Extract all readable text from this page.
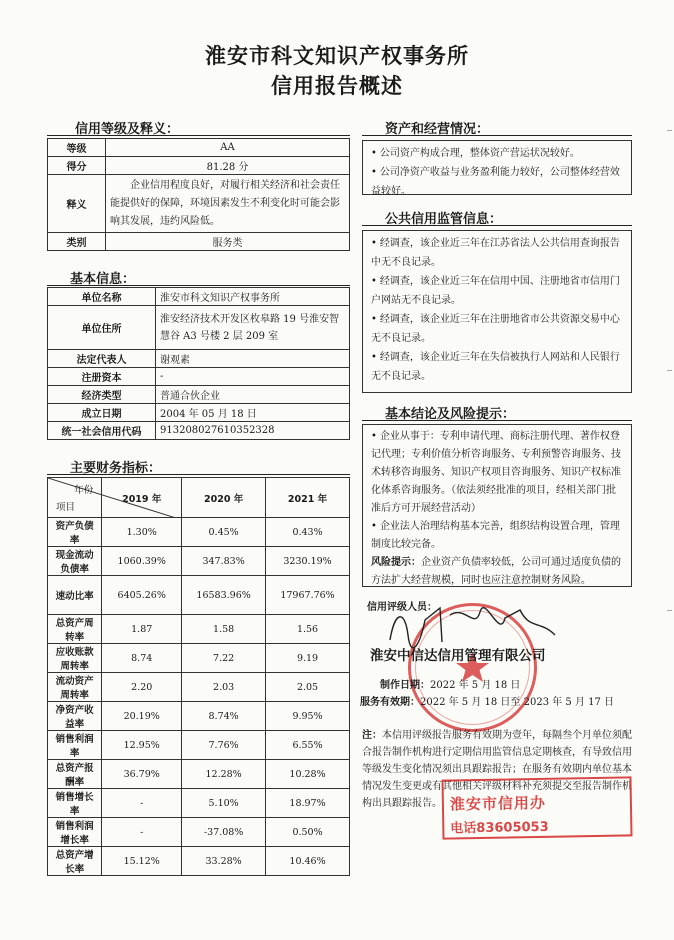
淮安市科文知识产权事务所
信用报告概述
信用等级及释义：
等级	AA
得分	81.28 分
释义	企业信用程度良好，对履行相关经济和社会责任能提供好的保障，环境因素发生不利变化时可能会影响其发展，违约风险低。
类别	服务类
基本信息：
单位名称	淮安市科文知识产权事务所
单位住所	淮安经济技术开发区枚皋路 19 号淮安智慧谷 A3 号楼 2 层 209 室
法定代表人	谢观素
注册资本	-
经济类型	普通合伙企业
成立日期	2004 年 05 月 18 日
统一社会信用代码	913208027610352328
主要财务指标：
年份
项目	2019 年	2020 年	2021 年
资产负债率	1.30%	0.45%	0.43%
现金流动负债率	1060.39%	347.83%	3230.19%
速动比率	6405.26%	16583.96%	17967.76%
总资产周转率	1.87	1.58	1.56
应收账款周转率	8.74	7.22	9.19
流动资产周转率	2.20	2.03	2.05
净资产收益率	20.19%	8.74%	9.95%
销售利润率	12.95%	7.76%	6.55%
总资产报酬率	36.79%	12.28%	10.28%
销售增长率	-	5.10%	18.97%
销售利润增长率	-	-37.08%	0.50%
总资产增长率	15.12%	33.28%	10.46%
资产和经营情况：

• 公司资产构成合理，整体资产营运状况较好。

• 公司净资产收益与业务盈利能力较好，公司整体经营效益较好。

公共信用监管信息：

• 经调查，该企业近三年在江苏省法人公共信用查询报告中无不良记录。

• 经调查，该企业近三年在信用中国、注册地省市信用门户网站无不良记录。

• 经调查，该企业近三年在注册地省市公共资源交易中心无不良记录。

• 经调查，该企业近三年在失信被执行人网站和人民银行无不良记录。

基本结论及风险提示：

• 企业从事于：专利申请代理、商标注册代理、著作权登记代理；专利价值分析咨询服务、专利预警咨询服务、技术转移咨询服务、知识产权项目咨询服务、知识产权标准化体系咨询服务。（依法须经批准的项目，经相关部门批准后方可开展经营活动）

• 企业法人治理结构基本完善，组织结构设置合理，管理制度比较完备。

风险提示：企业资产负债率较低，公司可通过适度负债的方法扩大经营规模，同时也应注意控制财务风险。

信用评级人员：
淮安中信达信用管理有限公司
制作日期：2022 年 5 月 18 日
服务有效期：2022 年 5 月 18 日至 2023 年 5 月 17 日
注：本信用评级报告服务有效期为壹年，每隔叁个月单位须配合报告制作机构进行定期信用监管信息定期核查，有导致信用等级发生变化情况须出具跟踪报告；在服务有效期内单位基本情况发生变更或有其他相关评级材料补充须提交至报告制作机构出具跟踪报告。 淮安市信用办
电话83605053
